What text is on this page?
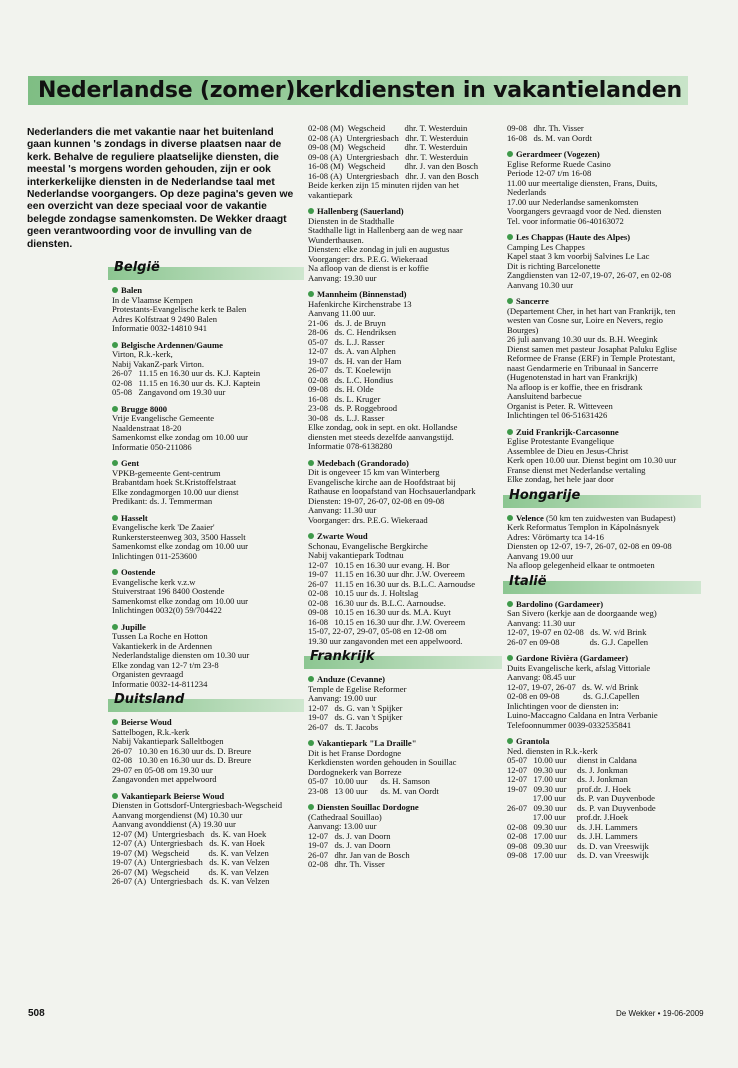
Nederlandse (zomer)kerkdiensten in vakantielanden
Nederlanders die met vakantie naar het buitenland gaan kunnen 's zondags in diverse plaatsen naar de kerk. Behalve de reguliere plaatselijke diensten, die meestal 's morgens worden gehouden, zijn er ook interkerkelijke diensten in de Nederlandse taal met Nederlandse voorgangers. Op deze pagina's geven we een overzicht van deze speciaal voor de vakantie belegde zondagse samenkomsten. De Wekker draagt geen verantwoording voor de invulling van de diensten.
België
Balen
In de Vlaamse Kempen
Protestants-Evangelische kerk te Balen
Adres Kolfstraat 9 2490 Balen
Informatie 0032-14810 941
Belgische Ardennen/Gaume
Virton, R.k.-kerk,
Nabij VakanZ-park Virton.
26-07   11.15 en 16.30 uur ds. K.J. Kaptein
02-08   11.15 en 16.30 uur ds. K.J. Kaptein
05-08   Zangavond om 19.30 uur
Brugge 8000
Vrije Evangelische Gemeente
Naaldenstraat 18-20
Samenkomst elke zondag om 10.00 uur
Informatie 050-211086
Gent
VPKB-gemeente Gent-centrum
Brabantdam hoek St.Kristoffelstraat
Elke zondagmorgen 10.00 uur dienst
Predikant: ds. J. Temmerman
Hasselt
Evangelische kerk 'De Zaaier'
Runkerstersteenweg 303, 3500 Hasselt
Samenkomst elke zondag om 10.00 uur
Inlichtingen 011-253600
Oostende
Evangelische kerk v.z.w
Stuiverstraat 196 8400 Oostende
Samenkomst elke zondag om 10.00 uur
Inlichtingen 0032(0) 59/704422
Jupille
Tussen La Roche en Hotton
Vakantiekerk in de Ardennen
Nederlandstalige diensten om 10.30 uur
Elke zondag van 12-7 t/m 23-8
Organisten gevraagd
Informatie 0032-14-811234
Duitsland
Beierse Woud
Sattelbogen, R.k.-kerk
Nabij Vakantiepark Salleltbogen
26-07   10.30 en 16.30 uur ds. D. Breure
02-08   10.30 en 16.30 uur ds. D. Breure
29-07 en 05-08 om 19.30 uur
Zangavonden met appelwoord
Vakantiepark Beierse Woud
Diensten in Gottsdorf-Untergriesbach-Wegscheid
Aanvang morgendienst (M) 10.30 uur
Aanvang avonddienst (A) 19.30 uur
12-07 (M)  Untergriesbach   ds. K. van Hoek
12-07 (A)  Untergriesbach   ds. K. van Hoek
19-07 (M)  Wegscheid         ds. K. van Velzen
19-07 (A)  Untergriesbach   ds. K. van Velzen
26-07 (M)  Wegscheid         ds. K. van Velzen
26-07 (A)  Untergriesbach   ds. K. van Velzen
02-08 (M)  Wegscheid         dhr. T. Westerduin
02-08 (A)  Untergriesbach   dhr. T. Westerduin
09-08 (M)  Wegscheid         dhr. T. Westerduin
09-08 (A)  Untergriesbach   dhr. T. Westerduin
16-08 (M)  Wegscheid         dhr. J. van den Bosch
16-08 (A)  Untergriesbach   dhr. J. van den Bosch
Beide kerken zijn 15 minuten rijden van het
vakantiepark
Hallenberg (Sauerland)
Diensten in de Stadthalle
Stadthalle ligt in Hallenberg aan de weg naar
Wunderthausen.
Diensten: elke zondag in juli en augustus
Voorganger: drs. P.E.G. Wiekeraad
Na afloop van de dienst is er koffie
Aanvang: 19.30 uur
Mannheim (Binnenstad)
Hafenkirche Kirchenstrabe 13
Aanvang 11.00 uur.
21-06   ds. J. de Bruyn
28-06   ds. C. Hendriksen
05-07   ds. L.J. Rasser
12-07   ds. A. van Alphen
19-07   ds. H. van der Ham
26-07   ds. T. Koelewijn
02-08   ds. L.C. Hondius
09-08   ds. H. Olde
16-08   ds. L. Kruger
23-08   ds. P. Roggebrood
30-08   ds. L.J. Rasser
Elke zondag, ook in sept. en okt. Hollandse
diensten met steeds dezelfde aanvangstijd.
Informatie 078-6138280
Medebach (Grandorado)
Dit is ongeveer 15 km van Winterberg
Evangelische kirche aan de Hoofdstraat bij
Rathause en loopafstand van Hochsauerlandpark
Diensten: 19-07, 26-07, 02-08 en 09-08
Aanvang: 11.30 uur
Voorganger: drs. P.E.G. Wiekeraad
Zwarte Woud
Schonau, Evangelische Bergkirche
Nabij vakantiepark Todtnau
12-07   10.15 en 16.30 uur evang. H. Bor
19-07   11.15 en 16.30 uur dhr. J.W. Overeem
26-07   11.15 en 16.30 uur ds. B.L.C. Aarnoudse
02-08   10.15 uur ds. J. Holtslag
02-08   16.30 uur ds. B.L.C. Aarnoudse.
09-08   10.15 en 16.30 uur ds. M.A. Kuyt
16-08   10.15 en 16.30 uur dhr. J.W. Overeem
15-07, 22-07, 29-07, 05-08 en 12-08 om
19.30 uur zangavonden met een appelwoord.
Frankrijk
Anduze (Cevanne)
Temple de Egelise Reformer
Aanvang: 19.00 uur
12-07   ds. G. van 't Spijker
19-07   ds. G. van 't Spijker
26-07   ds. T. Jacobs
Vakantiepark "La Draille"
Dit is het Franse Dordogne
Kerkdiensten worden gehouden in Souillac
Dordognekerk van Borreze
05-07   10.00 uur      ds. H. Samson
23-08   13 00 uur      ds. M. van Oordt
Diensten Souillac Dordogne
(Cathedraal Souillao)
Aanvang: 13.00 uur
12-07   ds. J. van Doorn
19-07   ds. J. van Doorn
26-07   dhr. Jan van de Bosch
02-08   dhr. Th. Visser
09-08   dhr. Th. Visser
16-08   ds. M. van Oordt
Gerardmeer (Vogezen)
Eglise Reforme Ruede Casino
Periode 12-07 t/m 16-08
11.00 uur meertalige diensten, Frans, Duits,
Nederlands
17.00 uur Nederlandse samenkomsten
Voorgangers gevraagd voor de Ned. diensten
Tel. voor informatie 06-40163072
Les Chappas (Haute des Alpes)
Camping Les Chappes
Kapel staat 3 km voorbij Salvines Le Lac
Dit is richting Barcelonette
Zangdiensten van 12-07,19-07, 26-07, en 02-08
Aanvang 10.30 uur
Sancerre
(Departement Cher, in het hart van Frankrijk, ten
westen van Cosne sur, Loire en Nevers, regio
Bourges)
26 juli aanvang 10.30 uur ds. B.H. Weegink
Dienst samen met pasteur Josaphat Paluku Eglise
Reformee de Franse (ERF) in Temple Protestant,
naast Gendarmerie en Tribunaal in Sancerre
(Hugenotenstad in hart van Frankrijk)
Na afloop is er koffie, thee en frisdrank
Aansluitend barbecue
Organist is Peter. R. Witteveen
Inlichtingen tel 06-51631426
Zuid Frankrijk-Carcasonne
Eglise Protestante Evangelique
Assemblee de Dieu en Jesus-Christ
Kerk open 10.00 uur. Dienst begint om 10.30 uur
Franse dienst met Nederlandse vertaling
Elke zondag, het hele jaar door
Hongarije
Velence (50 km ten zuidwesten van Budapest)
Kerk Reformatus Templon in Kápolnásnyek
Adres: Vörömarty tca 14-16
Diensten op 12-07, 19-7, 26-07, 02-08 en 09-08
Aanvang 19.00 uur
Na afloop gelegenheid elkaar te ontmoeten
Italië
Bardolino (Gardameer)
San Sivero (kerkje aan de doorgaande weg)
Aanvang: 11.30 uur
12-07, 19-07 en 02-08   ds. W. v/d Brink
26-07 en 09-08              ds. G.J. Capellen
Gardone Rivièra (Gardameer)
Duits Evangelische kerk, afslag Vittoriale
Aanvang: 08.45 uur
12-07, 19-07, 26-07   ds. W. v/d Brink
02-08 en 09-08           ds. G.J.Capellen
Inlichtingen voor de diensten in:
Luino-Maccagno Caldana en Intra Verbanie
Telefoonnummer 0039-0332535841
Grantola
Ned. diensten in R.k.-kerk
05-07   10.00 uur     dienst in Caldana
12-07   09.30 uur     ds. J. Jonkman
12-07   17.00 uur     ds. J. Jonkman
19-07   09.30 uur     prof.dr. J. Hoek
17.00 uur     ds. P. van Duyvenbode
26-07   09.30 uur     ds. P. van Duyvenbode
17.00 uur     prof.dr. J.Hoek
02-08   09.30 uur     ds. J.H. Lammers
02-08   17.00 uur     ds. J.H. Lammers
09-08   09.30 uur     ds. D. van Vreeswijk
09-08   17.00 uur     ds. D. van Vreeswijk
508	De Wekker • 19-06-2009
